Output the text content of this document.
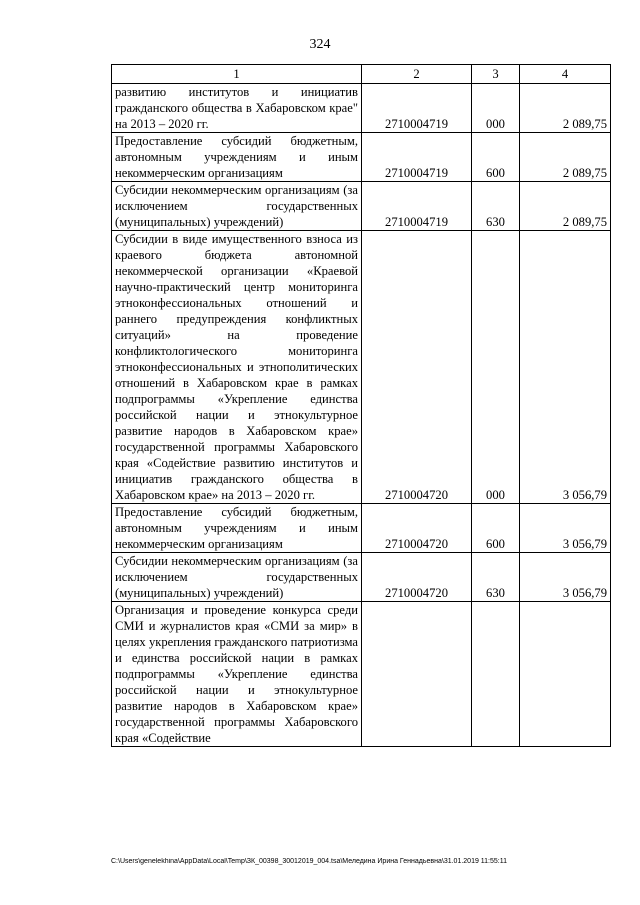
324
1	2	3	4
развитию институтов и инициатив гражданского общества в Хабаровском крае" на 2013 – 2020 гг.	2710004719	000	2 089,75
Предоставление субсидий бюджетным, автономным учреждениям и иным некоммерческим организациям	2710004719	600	2 089,75
Субсидии некоммерческим организациям (за исключением государственных (муниципальных) учреждений)	2710004719	630	2 089,75
Субсидии в виде имущественного взноса из краевого бюджета автономной некоммерческой организации «Краевой научно-практический центр мониторинга этноконфессиональных отношений и раннего предупреждения конфликтных ситуаций» на проведение конфликтологического мониторинга этноконфессиональных и этнополитических отношений в Хабаровском крае в рамках подпрограммы «Укрепление единства российской нации и этнокультурное развитие народов в Хабаровском крае» государственной программы Хабаровского края «Содействие развитию институтов и инициатив гражданского общества в Хабаровском крае» на 2013 – 2020 гг.	2710004720	000	3 056,79
Предоставление субсидий бюджетным, автономным учреждениям и иным некоммерческим организациям	2710004720	600	3 056,79
Субсидии некоммерческим организациям (за исключением государственных (муниципальных) учреждений)	2710004720	630	3 056,79
Организация и проведение конкурса среди СМИ и журналистов края «СМИ за мир» в целях укрепления гражданского патриотизма и единства российской нации в рамках подпрограммы «Укрепление единства российской нации и этнокультурное развитие народов в Хабаровском крае» государственной программы Хабаровского края «Содействие			
C:\Users\genelekhina\AppData\Local\Temp\ЗК_00398_30012019_004.tsa\Меледина Ирина Геннадьевна\31.01.2019 11:55:11
